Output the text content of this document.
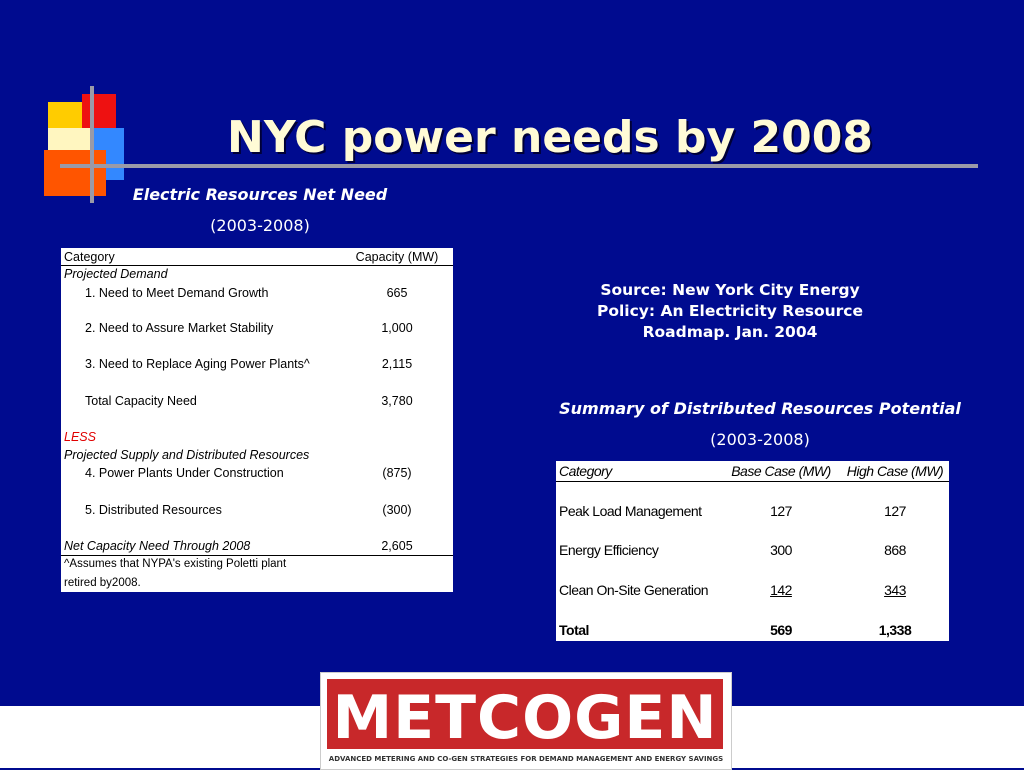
NYC power needs by 2008
Electric Resources Net Need
(2003-2008)
Category	Capacity (MW)
Projected Demand
1. Need to Meet Demand Growth	665
2. Need to Assure Market Stability	1,000
3. Need to Replace Aging Power Plants^	2,115
Total Capacity Need	3,780
LESS
Projected Supply and Distributed Resources
4. Power Plants Under Construction	(875)
5. Distributed Resources	(300)
Net Capacity Need Through 2008	2,605
^Assumes that NYPA's existing Poletti plant
retired by2008.
Source: New York City Energy
Policy: An Electricity Resource
Roadmap. Jan. 2004
Summary of Distributed Resources Potential
(2003-2008)
Category	Base Case (MW)	High Case (MW)
Peak Load Management	127	127
Energy Efficiency	300	868
Clean On-Site Generation	142	343
Total	569	1,338
METCOGEN
ADVANCED METERING AND CO-GEN STRATEGIES FOR DEMAND MANAGEMENT AND ENERGY SAVINGS
